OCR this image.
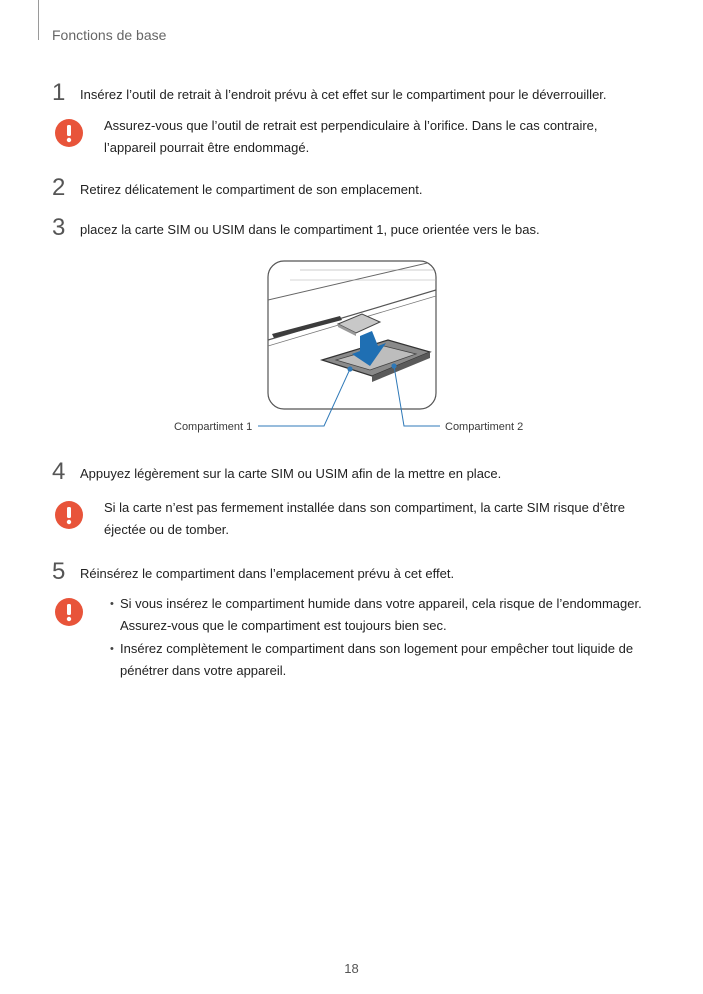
Fonctions de base
1 Insérez l’outil de retrait à l’endroit prévu à cet effet sur le compartiment pour le déverrouiller.
Assurez-vous que l’outil de retrait est perpendiculaire à l’orifice. Dans le cas contraire, l’appareil pourrait être endommagé.
2 Retirez délicatement le compartiment de son emplacement.
3 placez la carte SIM ou USIM dans le compartiment 1, puce orientée vers le bas.
Compartiment 1	Compartiment 2
4 Appuyez légèrement sur la carte SIM ou USIM afin de la mettre en place.
Si la carte n’est pas fermement installée dans son compartiment, la carte SIM risque d’être éjectée ou de tomber.
5 Réinsérez le compartiment dans l’emplacement prévu à cet effet.
• Si vous insérez le compartiment humide dans votre appareil, cela risque de l’endommager. Assurez-vous que le compartiment est toujours bien sec.
• Insérez complètement le compartiment dans son logement pour empêcher tout liquide de pénétrer dans votre appareil.
18
